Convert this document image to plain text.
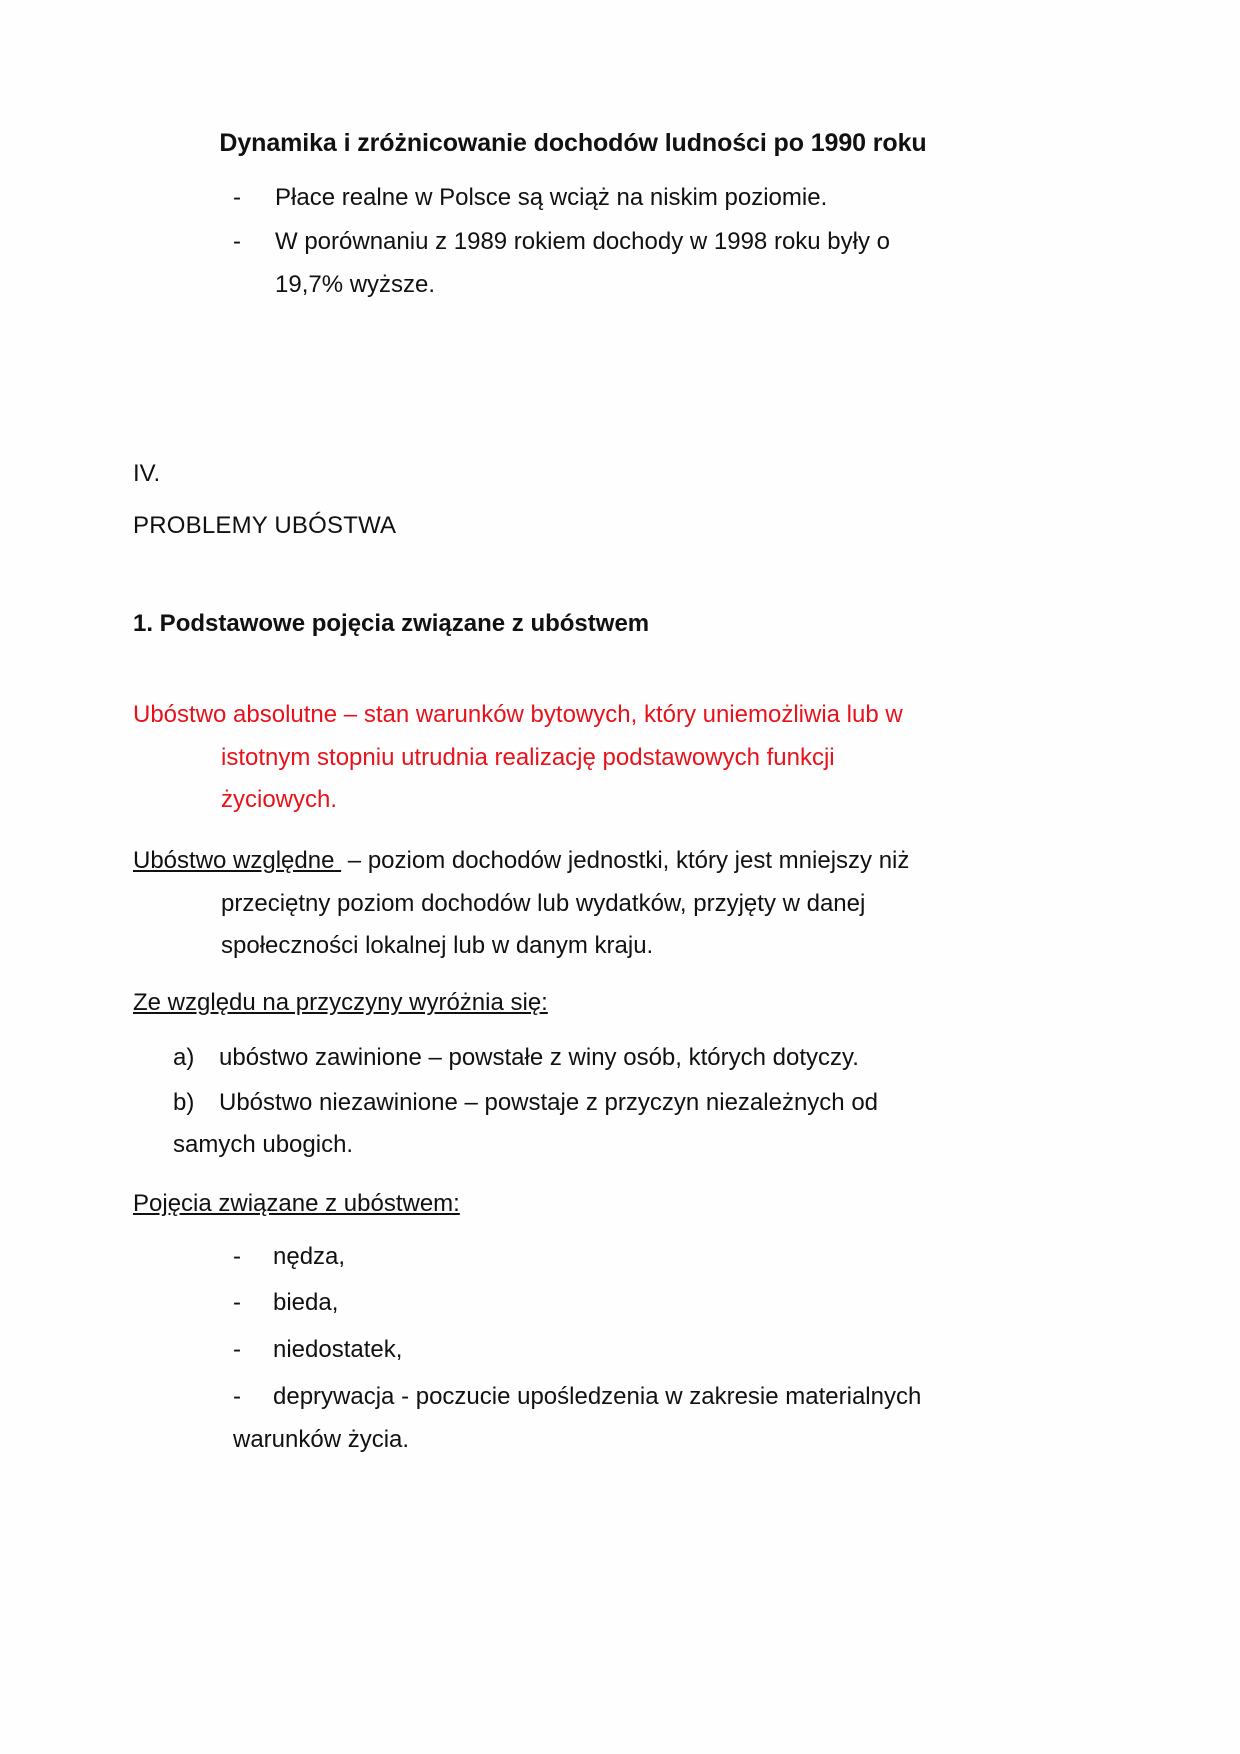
Dynamika i zróżnicowanie dochodów ludności po 1990 roku
-	Płace realne w Polsce są wciąż na niskim poziomie.
-	W porównaniu z 1989 rokiem dochody w 1998 roku były o
19,7% wyższe.

IV.

PROBLEMY UBÓSTWA

1. Podstawowe pojęcia związane z ubóstwem
Ubóstwo absolutne – stan warunków bytowych, który uniemożliwia lub w
istotnym stopniu utrudnia realizację podstawowych funkcji
życiowych.
Ubóstwo względne – poziom dochodów jednostki, który jest mniejszy niż
przeciętny poziom dochodów lub wydatków, przyjęty w danej
społeczności lokalnej lub w danym kraju.

Ze względu na przyczyny wyróżnia się:

a)	ubóstwo zawinione – powstałe z winy osób, których dotyczy.
b)	Ubóstwo niezawinione – powstaje z przyczyn niezależnych od
samych ubogich.

Pojęcia związane z ubóstwem:

-	nędza,
-	bieda,
-	niedostatek,
-	deprywacja - poczucie upośledzenia w zakresie materialnych
warunków życia.
